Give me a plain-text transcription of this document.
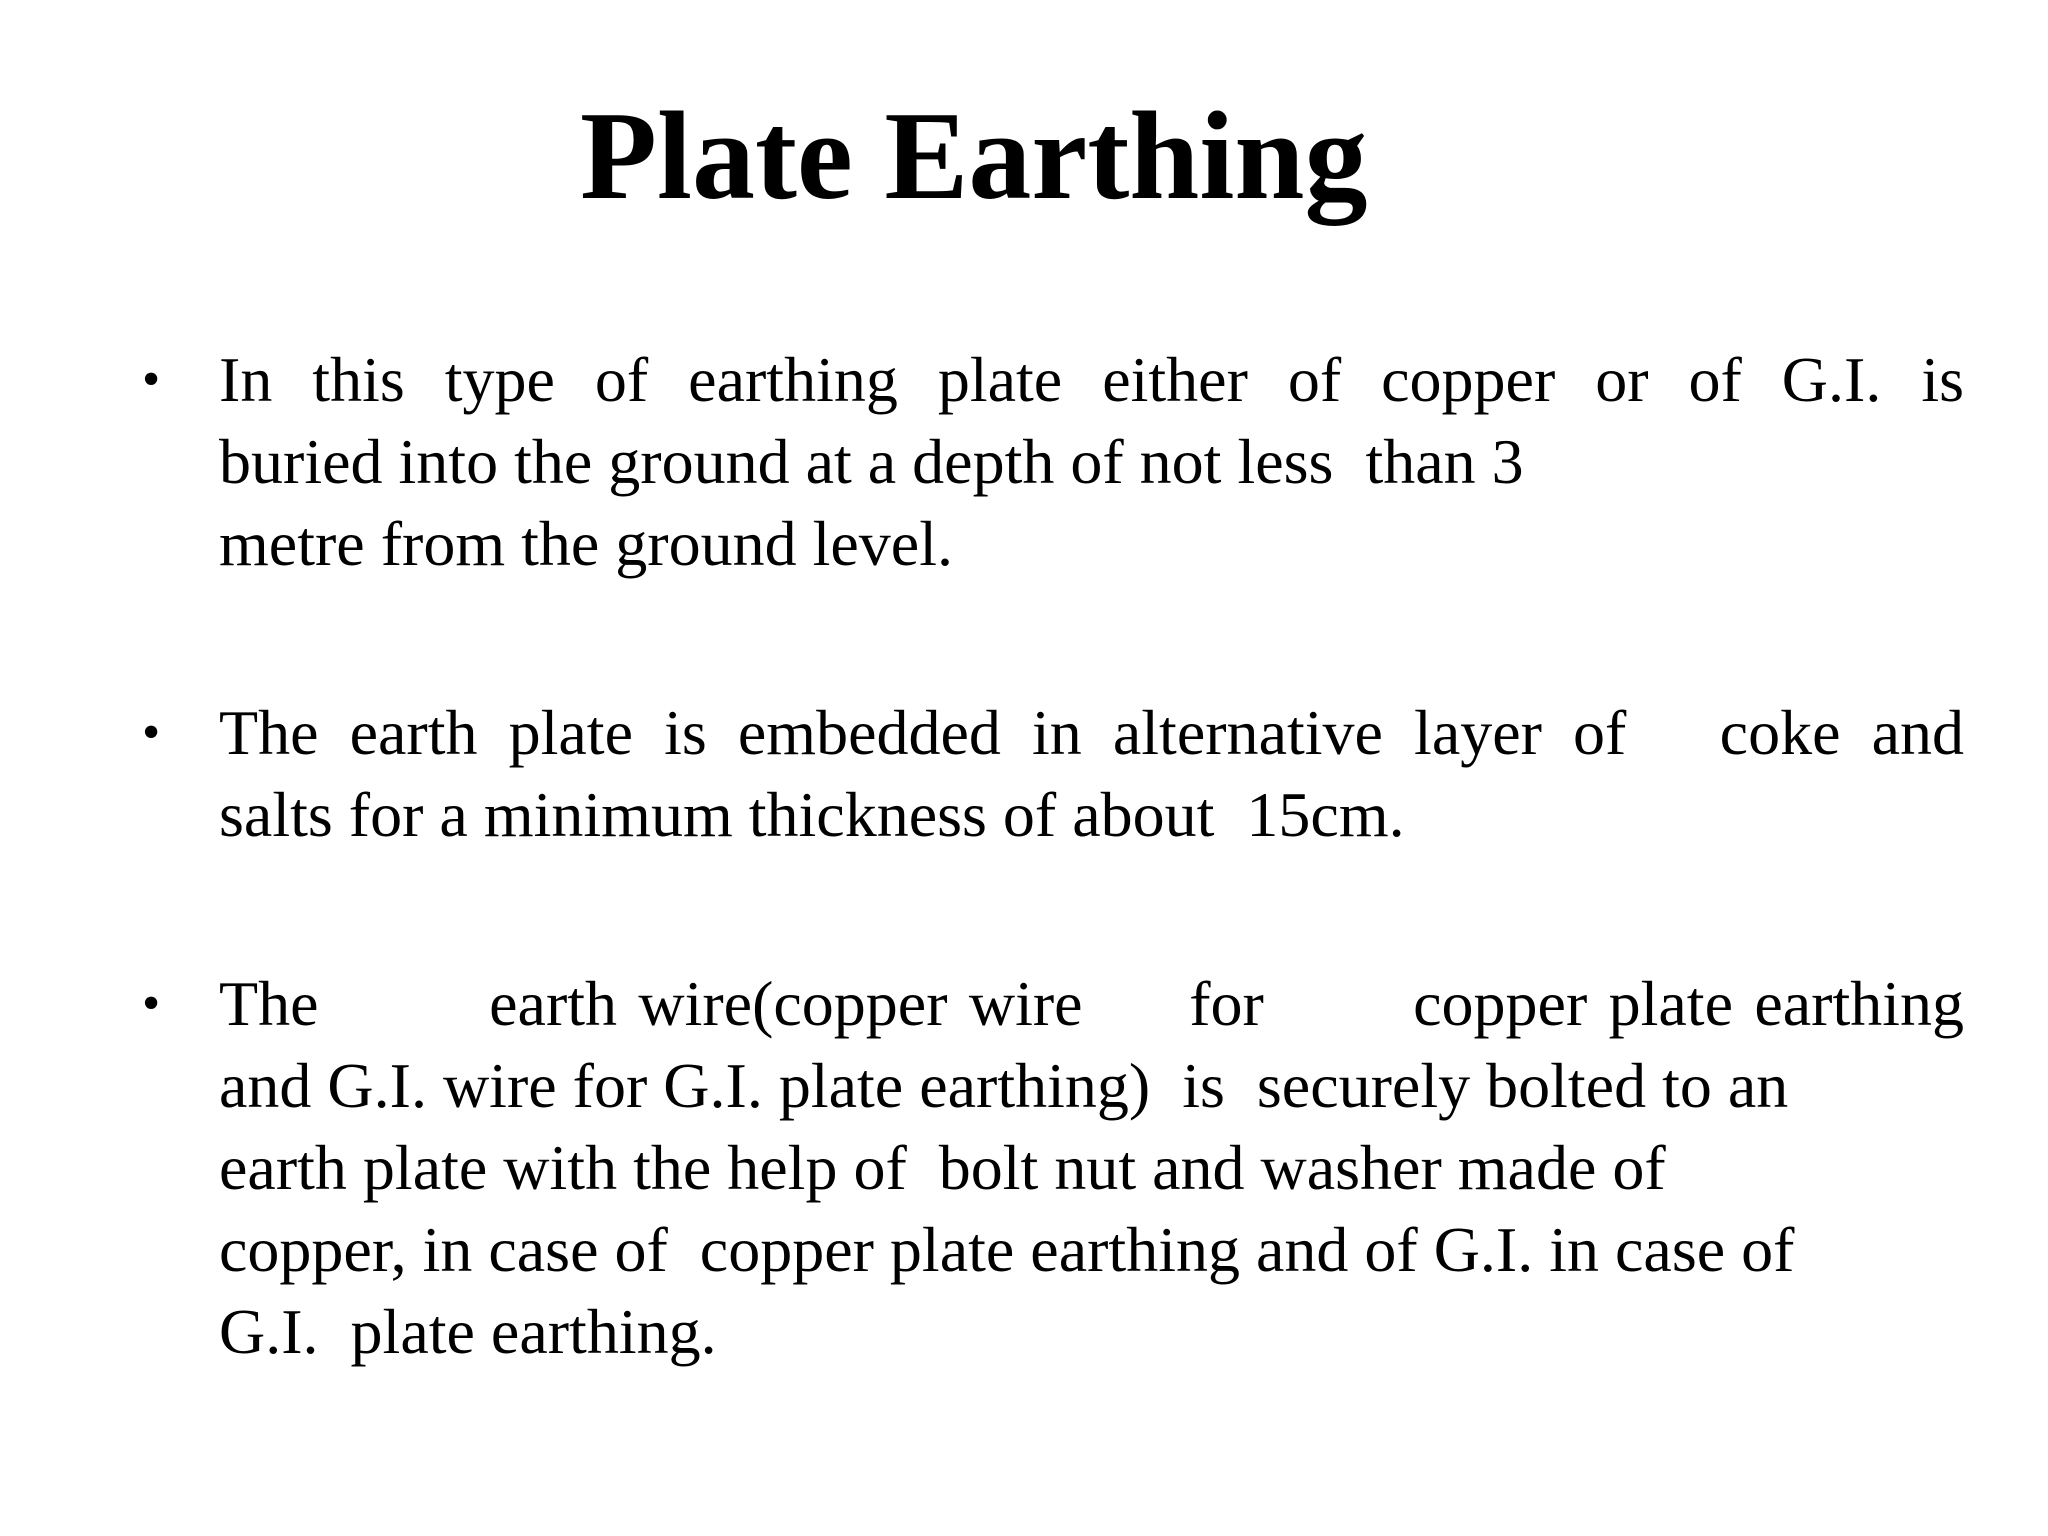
Plate Earthing
• In this type of earthing plate either of copper or of G.I. is
buried into the ground at a depth of not less  than 3
metre from the ground level.
• The earth plate is embedded in alternative layer of   coke and
salts for a minimum thickness of about  15cm.
• The        earth wire(copper wire     for       copper plate earthing
and G.I. wire for G.I. plate earthing)  is  securely bolted to an
earth plate with the help of  bolt nut and washer made of
copper, in case of  copper plate earthing and of G.I. in case of
G.I.  plate earthing.
